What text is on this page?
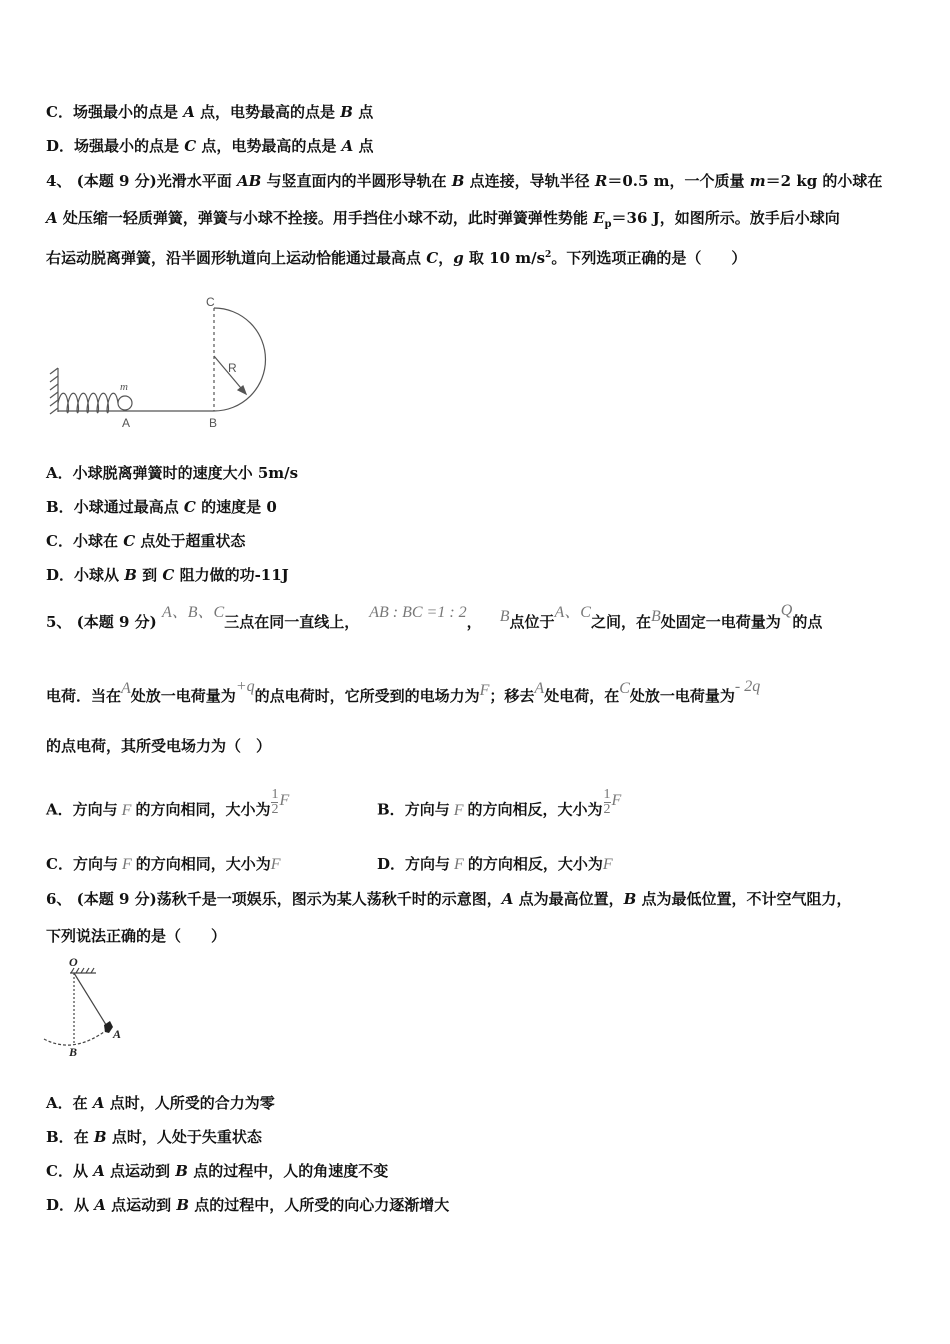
C．场强最小的点是 A 点，电势最高的点是 B 点
D．场强最小的点是 C 点，电势最高的点是 A 点
4、 (本题 9 分)光滑水平面 AB 与竖直面内的半圆形导轨在 B 点连接，导轨半径 R＝0.5 m，一个质量 m＝2 kg 的小球在
A 处压缩一轻质弹簧，弹簧与小球不拴接。用手挡住小球不动，此时弹簧弹性势能 $E_p=36$ J，如图所示。放手后小球向
右运动脱离弹簧，沿半圆形轨道向上运动恰能通过最高点 C，g 取 10 $m/s^2$。下列选项正确的是（　　）
C
R
m
A	B
A．小球脱离弹簧时的速度大小 5m/s
B．小球通过最高点 C 的速度是 0
C．小球在 C 点处于超重状态
D．小球从 B 到 C 阻力做的功-11J
5、 (本题 9 分) A、B、C三点在同一直线上，AB : BC =1 : 2， B点位于A、C之间，在B处固定一电荷量为Q的点
电荷．当在A处放一电荷量为+q的点电荷时，它所受到的电场力为F；移去A处电荷，在C处放一电荷量为- 2q
的点电荷，其所受电场力为（　）
A．方向与 F 的方向相同，大小为 $\frac{1}{2}$ F
B．方向与 F 的方向相反，大小为 $\frac{1}{2}$ F
C．方向与 F 的方向相同，大小为F	D．方向与 F 的方向相反，大小为F
6、 (本题 9 分)荡秋千是一项娱乐，图示为某人荡秋千时的示意图，A 点为最高位置，B 点为最低位置，不计空气阻力，
下列说法正确的是（　　）
O
A
B
A．在 A 点时，人所受的合力为零
B．在 B 点时，人处于失重状态
C．从 A 点运动到 B 点的过程中，人的角速度不变
D．从 A 点运动到 B 点的过程中，人所受的向心力逐渐增大
